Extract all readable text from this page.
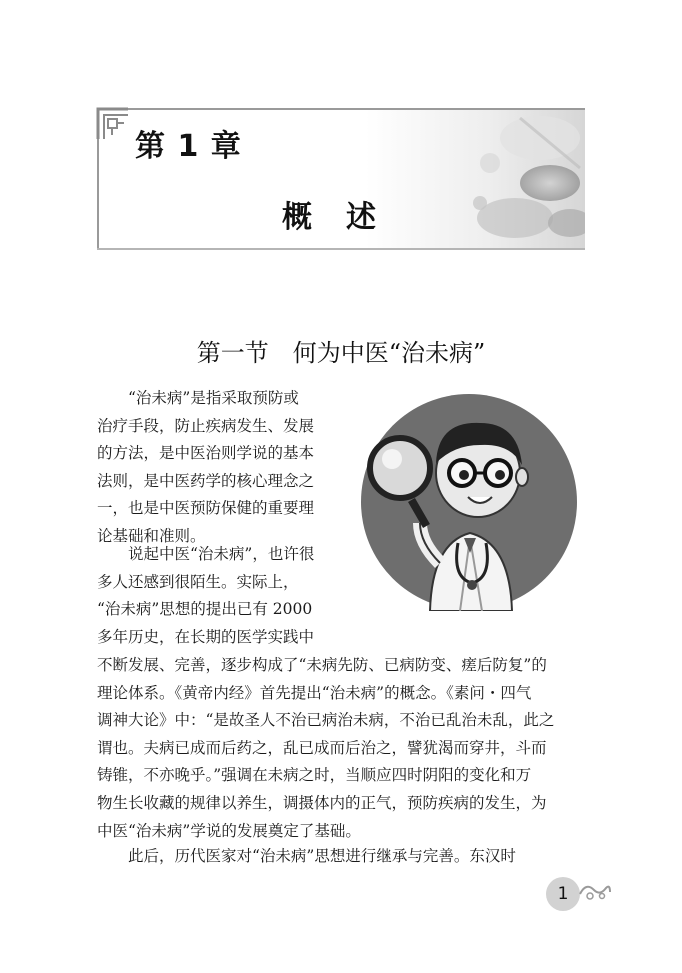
第 1 章
概述
第一节 何为中医“治未病”
“治未病”是指采取预防或
治疗手段，防止疾病发生、发展
的方法，是中医治则学说的基本
法则，是中医药学的核心理念之
一，也是中医预防保健的重要理
论基础和准则。
说起中医“治未病”，也许很
多人还感到很陌生。实际上，
“治未病”思想的提出已有 2000
多年历史，在长期的医学实践中
不断发展、完善，逐步构成了“未病先防、已病防变、瘥后防复”的
理论体系。《黄帝内经》首先提出“治未病”的概念。《素问・四气
调神大论》中：“是故圣人不治已病治未病，不治已乱治未乱，此之
谓也。夫病已成而后药之，乱已成而后治之，譬犹渴而穿井，斗而
铸锥，不亦晚乎。”强调在未病之时，当顺应四时阴阳的变化和万
物生长收藏的规律以养生，调摄体内的正气，预防疾病的发生，为
中医“治未病”学说的发展奠定了基础。
此后，历代医家对“治未病”思想进行继承与完善。东汉时
1
